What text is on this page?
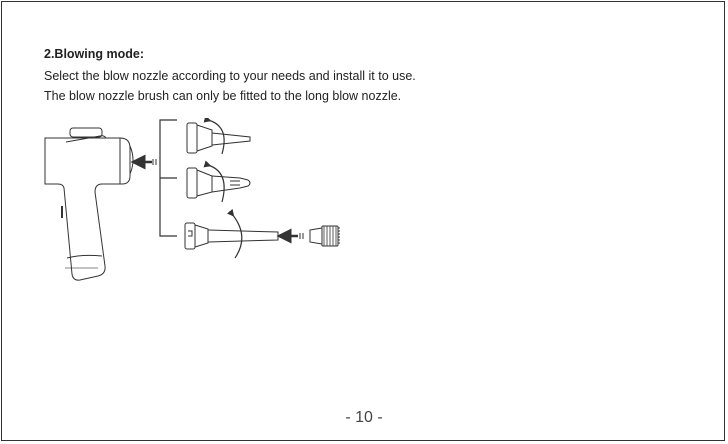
2.Blowing mode:
Select the blow nozzle according to your needs and install it to use.
The blow nozzle brush can only be fitted to the long blow nozzle.
- 10 -
